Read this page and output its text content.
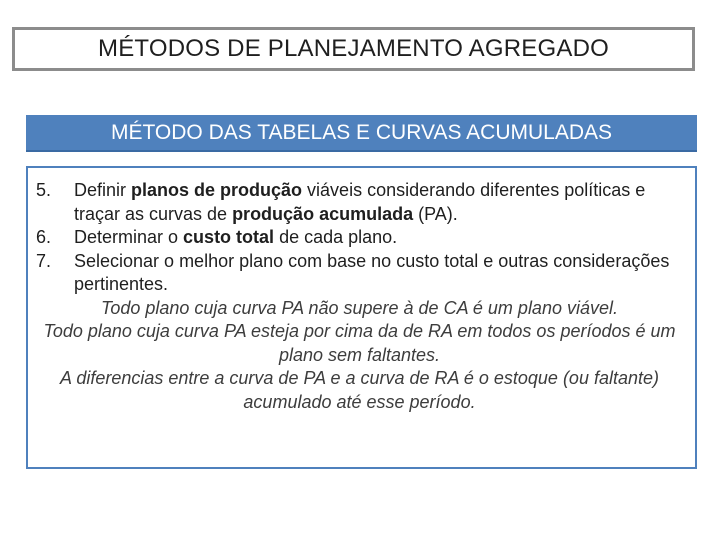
MÉTODOS DE PLANEJAMENTO AGREGADO
MÉTODO DAS TABELAS E CURVAS ACUMULADAS
5.	Definir planos de produção viáveis considerando diferentes políticas e traçar as curvas de produção acumulada (PA).
6.	Determinar o custo total de cada plano.
7.	Selecionar o melhor plano com base no custo total e outras considerações pertinentes.

Todo plano cuja curva PA não supere à de CA é um plano viável.

Todo plano cuja curva PA esteja por cima da de RA em todos os períodos é um plano sem faltantes.

A diferencias entre a curva de PA e a curva de RA é o estoque (ou faltante) acumulado até esse período.
